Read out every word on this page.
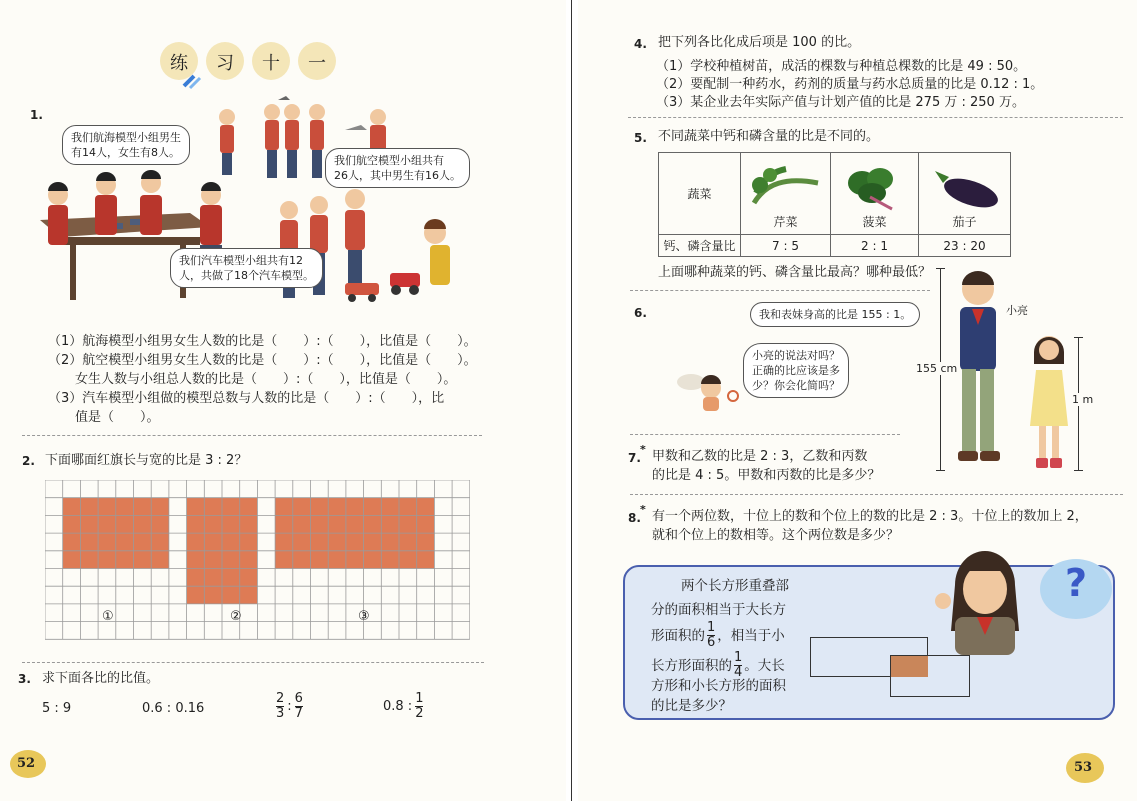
练 习 十 一
1.
我们航海模型小组男生
有14人，女生有8人。
我们航空模型小组共有
26人，其中男生有16人。
我们汽车模型小组共有12
人，共做了18个汽车模型。
（1）航海模型小组男女生人数的比是（　　）:（　　），比值是（　　）。
（2）航空模型小组男女生人数的比是（　　）:（　　），比值是（　　）。
女生人数与小组总人数的比是（　　）:（　　），比值是（　　）。
（3）汽车模型小组做的模型总数与人数的比是（　　）:（　　），比
值是（　　）。
2. 下面哪面红旗长与宽的比是 3 : 2？
①	②	③
3. 求下面各比的比值。
5 : 9	0.6 : 0.16	$\frac{2}{3}$ : $\frac{6}{7}$	0.8 : $\frac{1}{2}$
52
4. 把下列各比化成后项是 100 的比。
（1）学校种植树苗，成活的棵数与种植总棵数的比是 49 : 50。
（2）要配制一种药水，药剂的质量与药水总质量的比是 0.12 : 1。
（3）某企业去年实际产值与计划产值的比是 275 万 : 250 万。
5. 不同蔬菜中钙和磷含量的比是不同的。
蔬菜	芹菜	菠菜	茄子

钙、磷含量比	7 : 5	2 : 1	23 : 20
上面哪种蔬菜的钙、磷含量比最高？哪种最低？
6.	我和表妹身高的比是 155 : 1。
小亮的说法对吗？
正确的比应该是多
少？你会化简吗？
155 cm
小亮
1 m
7.
* 甲数和乙数的比是 2 : 3，乙数和丙数
的比是 4 : 5。甲数和丙数的比是多少？
8.
* 有一个两位数，十位上的数和个位上的数的比是 2 : 3。十位上的数加上 2，
就和个位上的数相等。这个两位数是多少？
两个长方形重叠部
分的面积相当于大长方
形面积的 $\frac{1}{6}$ ，相当于小
长方形面积的 $\frac{1}{4}$ 。大长
方形和小长方形的面积
的比是多少？
?
53
